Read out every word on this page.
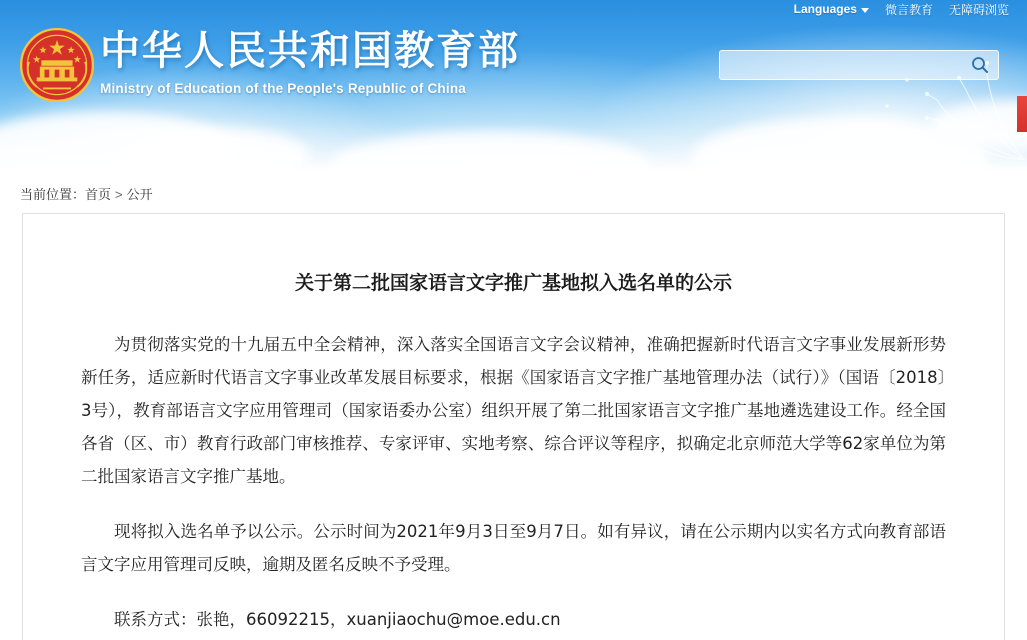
Languages 微言教育 无障碍浏览
中华人民共和国教育部
Ministry of Education of the People's Republic of China
当前位置：首页 > 公开
关于第二批国家语言文字推广基地拟入选名单的公示

为贯彻落实党的十九届五中全会精神，深入落实全国语言文字会议精神，准确把握新时代语言文字事业发展新形势新任务，适应新时代语言文字事业改革发展目标要求，根据《国家语言文字推广基地管理办法（试行）》（国语〔2018〕3号），教育部语言文字应用管理司（国家语委办公室）组织开展了第二批国家语言文字推广基地遴选建设工作。经全国各省（区、市）教育行政部门审核推荐、专家评审、实地考察、综合评议等程序，拟确定北京师范大学等62家单位为第二批国家语言文字推广基地。

现将拟入选名单予以公示。公示时间为2021年9月3日至9月7日。如有异议，请在公示期内以实名方式向教育部语言文字应用管理司反映，逾期及匿名反映不予受理。

联系方式：张艳，66092215，xuanjiaochu@moe.edu.cn
